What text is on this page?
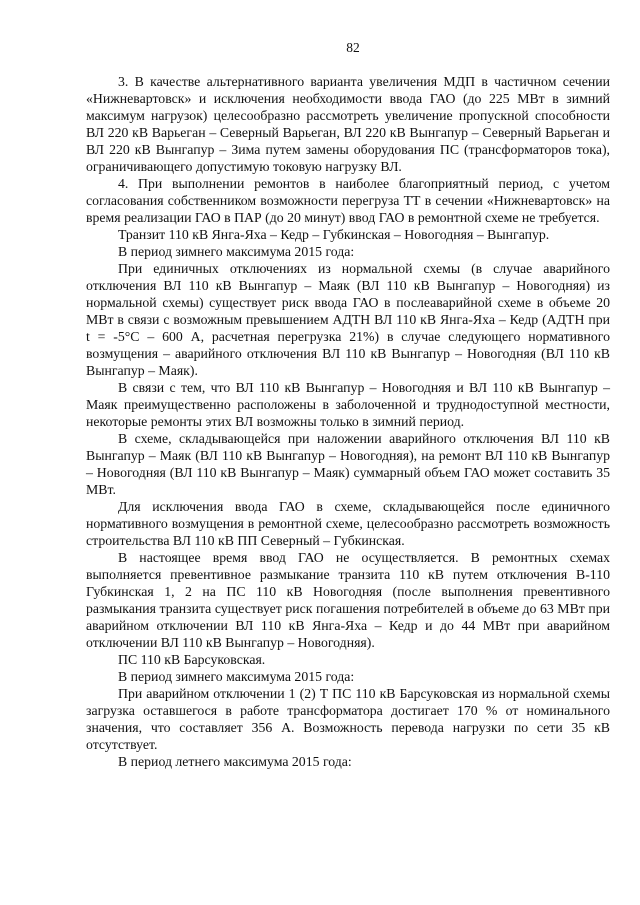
82

3. В качестве альтернативного варианта увеличения МДП в частичном сечении «Нижневартовск» и исключения необходимости ввода ГАО (до 225 МВт в зимний максимум нагрузок) целесообразно рассмотреть увеличение пропускной способности ВЛ 220 кВ Варьеган – Северный Варьеган, ВЛ 220 кВ Вынгапур – Северный Варьеган и ВЛ 220 кВ Вынгапур – Зима путем замены оборудования ПС (трансформаторов тока), ограничивающего допустимую токовую нагрузку ВЛ.

4. При выполнении ремонтов в наиболее благоприятный период, с учетом согласования собственником возможности перегруза ТТ в сечении «Нижневартовск» на время реализации ГАО в ПАР (до 20 минут) ввод ГАО в ремонтной схеме не требуется.

Транзит 110 кВ Янга-Яха – Кедр – Губкинская – Новогодняя – Вынгапур.

В период зимнего максимума 2015 года:

При единичных отключениях из нормальной схемы (в случае аварийного отключения ВЛ 110 кВ Вынгапур – Маяк (ВЛ 110 кВ Вынгапур – Новогодняя) из нормальной схемы) существует риск ввода ГАО в послеаварийной схеме в объеме 20 МВт в связи с возможным превышением АДТН ВЛ 110 кВ Янга-Яха – Кедр (АДТН при t = -5°С – 600 А, расчетная перегрузка 21%) в случае следующего нормативного возмущения – аварийного отключения ВЛ 110 кВ Вынгапур – Новогодняя (ВЛ 110 кВ Вынгапур – Маяк).

В связи с тем, что ВЛ 110 кВ Вынгапур – Новогодняя и ВЛ 110 кВ Вынгапур – Маяк преимущественно расположены в заболоченной и труднодоступной местности, некоторые ремонты этих ВЛ возможны только в зимний период.

В схеме, складывающейся при наложении аварийного отключения ВЛ 110 кВ Вынгапур – Маяк (ВЛ 110 кВ Вынгапур – Новогодняя), на ремонт ВЛ 110 кВ Вынгапур – Новогодняя (ВЛ 110 кВ Вынгапур – Маяк) суммарный объем ГАО может составить 35 МВт.

Для исключения ввода ГАО в схеме, складывающейся после единичного нормативного возмущения в ремонтной схеме, целесообразно рассмотреть возможность строительства ВЛ 110 кВ ПП Северный – Губкинская.

В настоящее время ввод ГАО не осуществляется. В ремонтных схемах выполняется превентивное размыкание транзита 110 кВ путем отключения В-110 Губкинская 1, 2 на ПС 110 кВ Новогодняя (после выполнения превентивного размыкания транзита существует риск погашения потребителей в объеме до 63 МВт при аварийном отключении ВЛ 110 кВ Янга-Яха – Кедр и до 44 МВт при аварийном отключении ВЛ 110 кВ Вынгапур – Новогодняя).

ПС 110 кВ Барсуковская.

В период зимнего максимума 2015 года:

При аварийном отключении 1 (2) Т ПС 110 кВ Барсуковская из нормальной схемы загрузка оставшегося в работе трансформатора достигает 170 % от номинального значения, что составляет 356 А. Возможность перевода нагрузки по сети 35 кВ отсутствует.

В период летнего максимума 2015 года:
